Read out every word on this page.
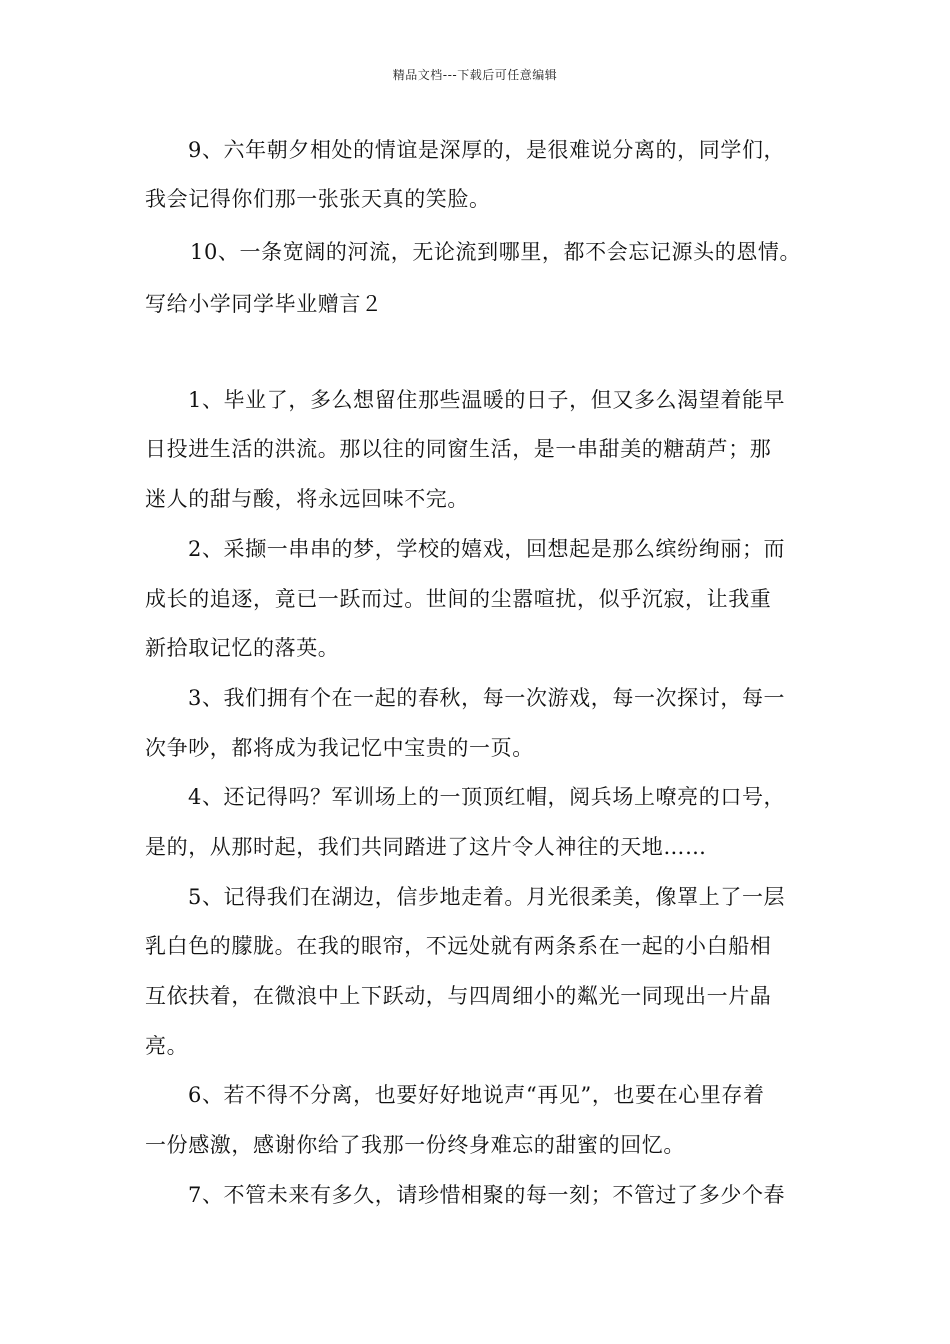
精品文档---下载后可任意编辑
9、六年朝夕相处的情谊是深厚的，是很难说分离的，同学们，
我会记得你们那一张张天真的笑脸。
10、一条宽阔的河流，无论流到哪里，都不会忘记源头的恩情。
写给小学同学毕业赠言２
1、毕业了，多么想留住那些温暖的日子，但又多么渴望着能早
日投进生活的洪流。那以往的同窗生活，是一串甜美的糖葫芦；那
迷人的甜与酸，将永远回味不完。
2、采撷一串串的梦，学校的嬉戏，回想起是那么缤纷绚丽；而
成长的追逐，竟已一跃而过。世间的尘嚣喧扰，似乎沉寂，让我重
新拾取记忆的落英。
3、我们拥有个在一起的春秋，每一次游戏，每一次探讨，每一
次争吵，都将成为我记忆中宝贵的一页。
4、还记得吗？军训场上的一顶顶红帽，阅兵场上嘹亮的口号，
是的，从那时起，我们共同踏进了这片令人神往的天地……
5、记得我们在湖边，信步地走着。月光很柔美，像罩上了一层
乳白色的朦胧。在我的眼帘，不远处就有两条系在一起的小白船相
互依扶着，在微浪中上下跃动，与四周细小的粼光一同现出一片晶
亮。
6、若不得不分离，也要好好地说声“再见”，也要在心里存着
一份感激，感谢你给了我那一份终身难忘的甜蜜的回忆。
7、不管未来有多久，请珍惜相聚的每一刻；不管过了多少个春
